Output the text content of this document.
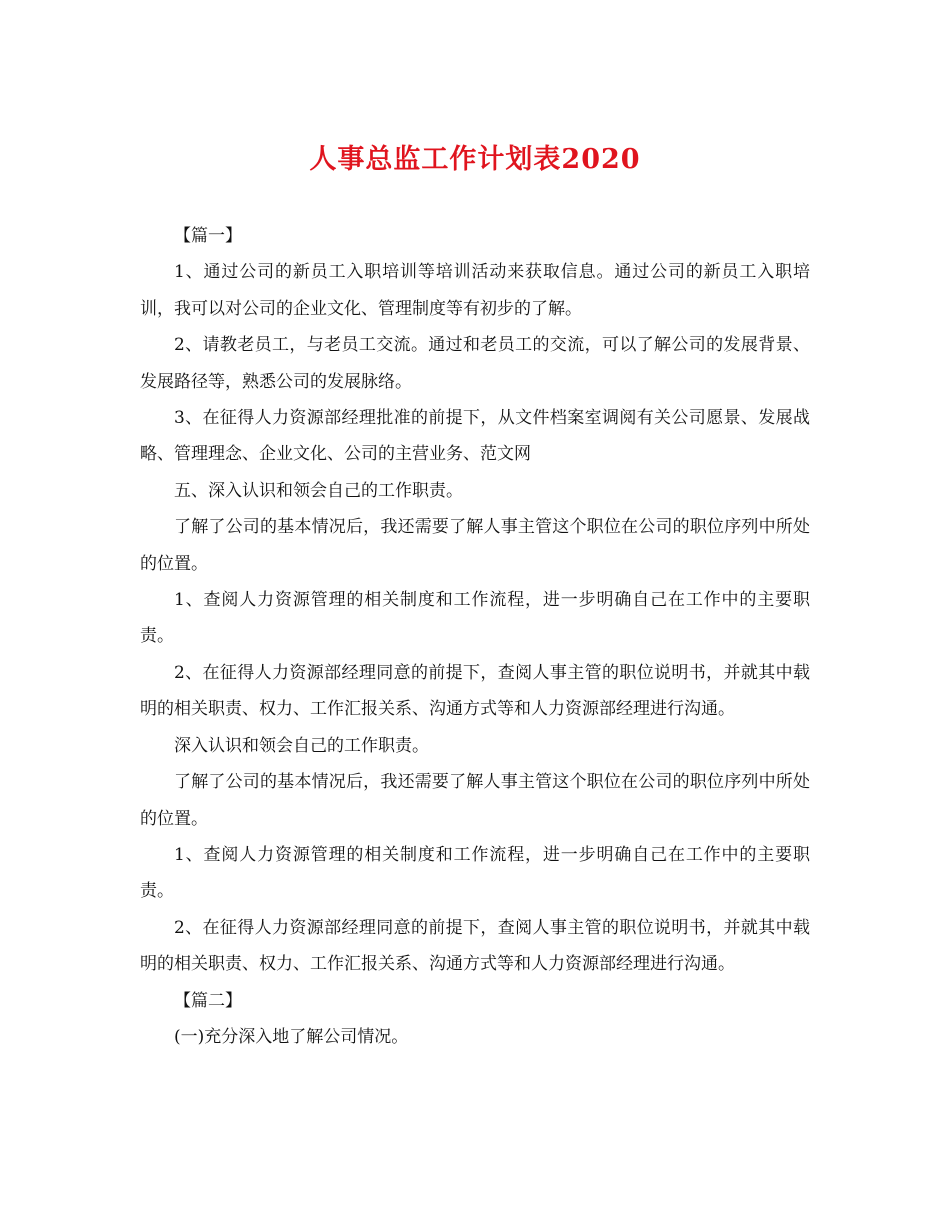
人事总监工作计划表2020

【篇一】

1、通过公司的新员工入职培训等培训活动来获取信息。通过公司的新员工入职培训，我可以对公司的企业文化、管理制度等有初步的了解。

2、请教老员工，与老员工交流。通过和老员工的交流，可以了解公司的发展背景、发展路径等，熟悉公司的发展脉络。

3、在征得人力资源部经理批准的前提下，从文件档案室调阅有关公司愿景、发展战略、管理理念、企业文化、公司的主营业务、范文网

五、深入认识和领会自己的工作职责。

了解了公司的基本情况后，我还需要了解人事主管这个职位在公司的职位序列中所处的位置。

1、查阅人力资源管理的相关制度和工作流程，进一步明确自己在工作中的主要职责。

2、在征得人力资源部经理同意的前提下，查阅人事主管的职位说明书，并就其中载明的相关职责、权力、工作汇报关系、沟通方式等和人力资源部经理进行沟通。

深入认识和领会自己的工作职责。

了解了公司的基本情况后，我还需要了解人事主管这个职位在公司的职位序列中所处的位置。

1、查阅人力资源管理的相关制度和工作流程，进一步明确自己在工作中的主要职责。

2、在征得人力资源部经理同意的前提下，查阅人事主管的职位说明书，并就其中载明的相关职责、权力、工作汇报关系、沟通方式等和人力资源部经理进行沟通。

【篇二】

(一)充分深入地了解公司情况。
